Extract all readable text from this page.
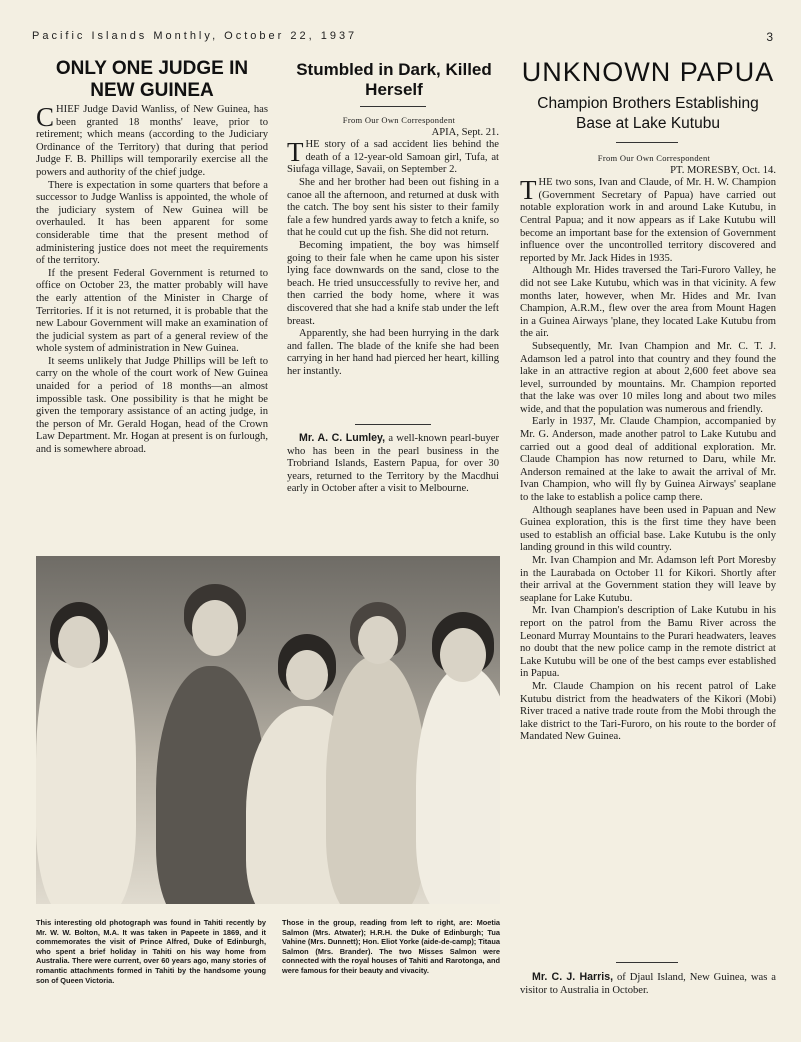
Pacific Islands Monthly, October 22, 1937	3
ONLY ONE JUDGE IN NEW GUINEA

CHIEF Judge David Wanliss, of New Guinea, has been granted 18 months' leave, prior to retirement; which means (according to the Judiciary Ordinance of the Territory) that during that period Judge F. B. Phillips will temporarily exercise all the powers and authority of the chief judge.

There is expectation in some quarters that before a successor to Judge Wanliss is appointed, the whole of the judiciary system of New Guinea will be overhauled. It has been apparent for some considerable time that the present method of administering justice does not meet the requirements of the territory.

If the present Federal Government is returned to office on October 23, the matter probably will have the early attention of the Minister in Charge of Territories. If it is not returned, it is probable that the new Labour Government will make an examination of the judicial system as part of a general review of the whole system of administration in New Guinea.

It seems unlikely that Judge Phillips will be left to carry on the whole of the court work of New Guinea unaided for a period of 18 months—an almost impossible task. One possibility is that he might be given the temporary assistance of an acting judge, in the person of Mr. Gerald Hogan, head of the Crown Law Department. Mr. Hogan at present is on furlough, and is somewhere abroad.

Stumbled in Dark, Killed Herself

From Our Own Correspondent

APIA, Sept. 21.

THE story of a sad accident lies behind the death of a 12-year-old Samoan girl, Tufa, at Siufaga village, Savaii, on September 2.

She and her brother had been out fishing in a canoe all the afternoon, and returned at dusk with the catch. The boy sent his sister to their family fale a few hundred yards away to fetch a knife, so that he could cut up the fish. She did not return.

Becoming impatient, the boy was himself going to their fale when he came upon his sister lying face downwards on the sand, close to the beach. He tried unsuccessfully to revive her, and then carried the body home, where it was discovered that she had a knife stab under the left breast.

Apparently, she had been hurrying in the dark and fallen. The blade of the knife she had been carrying in her hand had pierced her heart, killing her instantly.

Mr. A. C. Lumley, a well-known pearl-buyer who has been in the pearl business in the Trobriand Islands, Eastern Papua, for over 30 years, returned to the Territory by the Macdhui early in October after a visit to Melbourne.

UNKNOWN PAPUA
Champion Brothers Establishing Base at Lake Kutubu

From Our Own Correspondent

PT. MORESBY, Oct. 14.

THE two sons, Ivan and Claude, of Mr. H. W. Champion (Government Secretary of Papua) have carried out notable exploration work in and around Lake Kutubu, in Central Papua; and it now appears as if Lake Kutubu will become an important base for the extension of Government influence over the uncontrolled territory discovered and reported by Mr. Jack Hides in 1935.

Although Mr. Hides traversed the Tari-Furoro Valley, he did not see Lake Kutubu, which was in that vicinity. A few months later, however, when Mr. Hides and Mr. Ivan Champion, A.R.M., flew over the area from Mount Hagen in a Guinea Airways 'plane, they located Lake Kutubu from the air.

Subsequently, Mr. Ivan Champion and Mr. C. T. J. Adamson led a patrol into that country and they found the lake in an attractive region at about 2,600 feet above sea level, surrounded by mountains. Mr. Champion reported that the lake was over 10 miles long and about two miles wide, and that the population was numerous and friendly.

Early in 1937, Mr. Claude Champion, accompanied by Mr. G. Anderson, made another patrol to Lake Kutubu and carried out a good deal of additional exploration. Mr. Claude Champion has now returned to Daru, while Mr. Anderson remained at the lake to await the arrival of Mr. Ivan Champion, who will fly by Guinea Airways' seaplane to the lake to establish a police camp there.

Although seaplanes have been used in Papuan and New Guinea exploration, this is the first time they have been used to establish an official base. Lake Kutubu is the only landing ground in this wild country.

Mr. Ivan Champion and Mr. Adamson left Port Moresby in the Laurabada on October 11 for Kikori. Shortly after their arrival at the Government station they will leave by seaplane for Lake Kutubu.

Mr. Ivan Champion's description of Lake Kutubu in his report on the patrol from the Bamu River across the Leonard Murray Mountains to the Purari headwaters, leaves no doubt that the new police camp in the remote district at Lake Kutubu will be one of the best camps ever established in Papua.

Mr. Claude Champion on his recent patrol of Lake Kutubu district from the headwaters of the Kikori (Mobi) River traced a native trade route from the Mobi through the lake district to the Tari-Furoro, on his route to the border of Mandated New Guinea.

Mr. C. J. Harris, of Djaul Island, New Guinea, was a visitor to Australia in October.

This interesting old photograph was found in Tahiti recently by Mr. W. W. Bolton, M.A. It was taken in Papeete in 1869, and it commemorates the visit of Prince Alfred, Duke of Edinburgh, who spent a brief holiday in Tahiti on his way home from Australia. There were current, over 60 years ago, many stories of romantic attachments formed in Tahiti by the handsome young son of Queen Victoria.
Those in the group, reading from left to right, are: Moetia Salmon (Mrs. Atwater); H.R.H. the Duke of Edinburgh; Tua Vahine (Mrs. Dunnett); Hon. Eliot Yorke (aide-de-camp); Titaua Salmon (Mrs. Brander). The two Misses Salmon were connected with the royal houses of Tahiti and Rarotonga, and were famous for their beauty and vivacity.
